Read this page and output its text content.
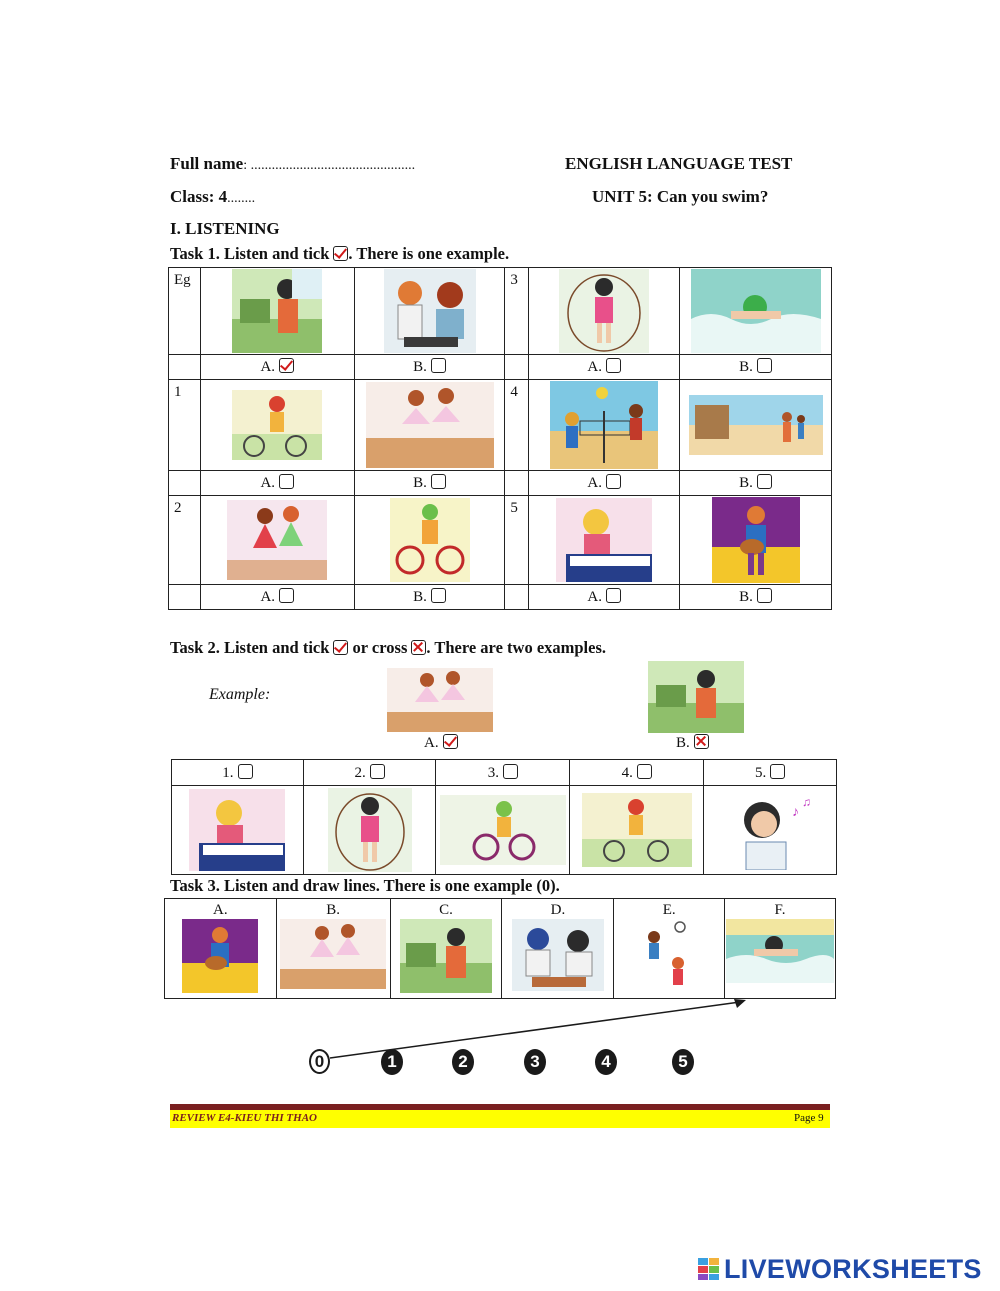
Full name: ...............................................	ENGLISH LANGUAGE TEST
Class: 4........	UNIT 5: Can you swim?
I. LISTENING
Task 1. Listen and tick . There is one example.
Eg			3	

	A.	B.		A.	B.
1			4	

	A.	B.		A.	B.
2			5	

	A.	B.		A.	B.
Task 2. Listen and tick or cross . There are two examples.
Example:
A.	B.
1.	2.	3.	4.	5.

♪
♫
Task 3. Listen and draw lines. There is one example (0).
A.	B.	C.	D.	E.	F.
0	1	2	3	4	5
REVIEW E4-KIEU THI THAO	Page 9
LIVEWORKSHEETS
